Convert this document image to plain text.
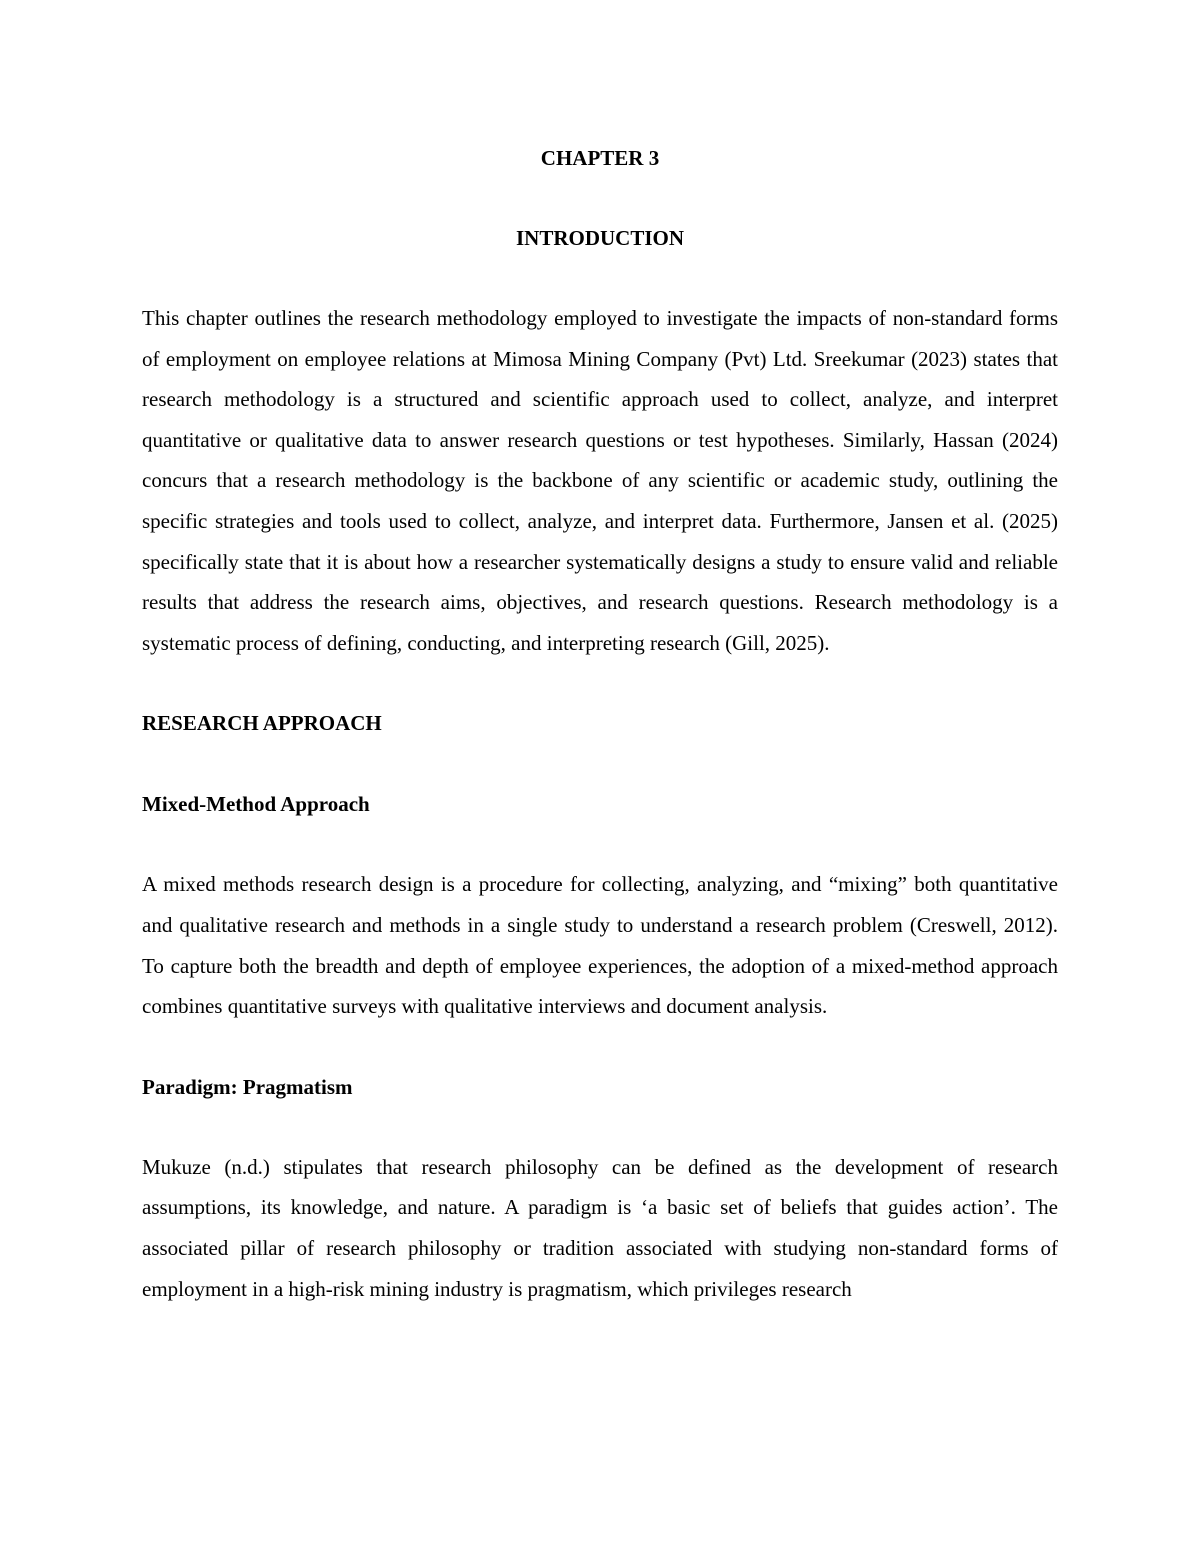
CHAPTER 3
INTRODUCTION

This chapter outlines the research methodology employed to investigate the impacts of non-standard forms of employment on employee relations at Mimosa Mining Company (Pvt) Ltd. Sreekumar (2023) states that research methodology is a structured and scientific approach used to collect, analyze, and interpret quantitative or qualitative data to answer research questions or test hypotheses. Similarly, Hassan (2024) concurs that a research methodology is the backbone of any scientific or academic study, outlining the specific strategies and tools used to collect, analyze, and interpret data. Furthermore, Jansen et al. (2025) specifically state that it is about how a researcher systematically designs a study to ensure valid and reliable results that address the research aims, objectives, and research questions. Research methodology is a systematic process of defining, conducting, and interpreting research (Gill, 2025).

RESEARCH APPROACH
Mixed-Method Approach

A mixed methods research design is a procedure for collecting, analyzing, and “mixing” both quantitative and qualitative research and methods in a single study to understand a research problem (Creswell, 2012). To capture both the breadth and depth of employee experiences, the adoption of a mixed-method approach combines quantitative surveys with qualitative interviews and document analysis.

Paradigm: Pragmatism
Mukuze (n.d.) stipulates that research philosophy can be defined as the development of research assumptions, its knowledge, and nature. A paradigm is ‘a basic set of beliefs that guides action’. The associated pillar of research philosophy or tradition associated with studying non-standard forms of employment in a high-risk mining industry is pragmatism, which privileges research
